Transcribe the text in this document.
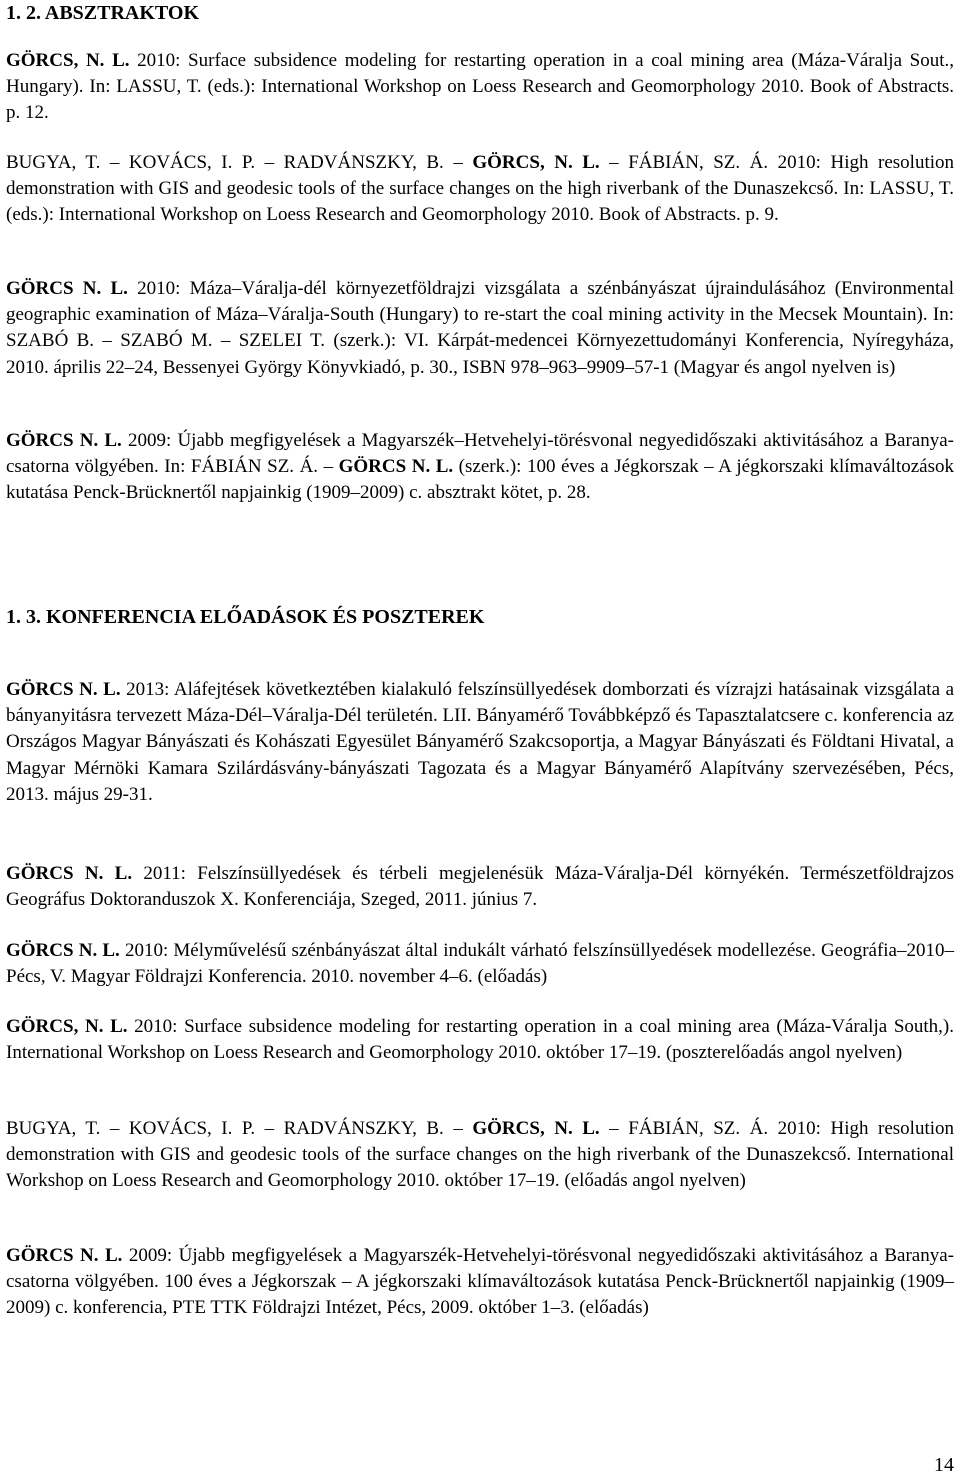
1. 2. ABSZTRAKTOK

GÖRCS, N. L. 2010: Surface subsidence modeling for restarting operation in a coal mining area (Máza-Váralja Sout., Hungary). In: LASSU, T. (eds.): International Workshop on Loess Research and Geomorphology 2010. Book of Abstracts. p. 12.

BUGYA, T. – KOVÁCS, I. P. – RADVÁNSZKY, B. – GÖRCS, N. L. – FÁBIÁN, SZ. Á. 2010: High resolution demonstration with GIS and geodesic tools of the surface changes on the high riverbank of the Dunaszekcső. In: LASSU, T. (eds.): International Workshop on Loess Research and Geomorphology 2010. Book of Abstracts. p. 9.

GÖRCS N. L. 2010: Máza–Váralja-dél környezetföldrajzi vizsgálata a szénbányászat újraindulásához (Environmental geographic examination of Máza–Váralja-South (Hungary) to re-start the coal mining activity in the Mecsek Mountain). In: SZABÓ B. – SZABÓ M. – SZELEI T. (szerk.): VI. Kárpát-medencei Környezettudományi Konferencia, Nyíregyháza, 2010. április 22–24, Bessenyei György Könyvkiadó, p. 30., ISBN 978–963–9909–57-1 (Magyar és angol nyelven is)

GÖRCS N. L. 2009: Újabb megfigyelések a Magyarszék–Hetvehelyi-törésvonal negyedidőszaki aktivitásához a Baranya-csatorna völgyében. In: FÁBIÁN SZ. Á. – GÖRCS N. L. (szerk.): 100 éves a Jégkorszak – A jégkorszaki klímaváltozások kutatása Penck-Brücknertől napjainkig (1909–2009) c. absztrakt kötet, p. 28.

1. 3. KONFERENCIA ELŐADÁSOK ÉS POSZTEREK

GÖRCS N. L. 2013: Aláfejtések következtében kialakuló felszínsüllyedések domborzati és vízrajzi hatásainak vizsgálata a bányanyitásra tervezett Máza-Dél–Váralja-Dél területén. LII. Bányamérő Továbbképző és Tapasztalatcsere c. konferencia az Országos Magyar Bányászati és Kohászati Egyesület Bányamérő Szakcsoportja, a Magyar Bányászati és Földtani Hivatal, a Magyar Mérnöki Kamara Szilárdásvány-bányászati Tagozata és a Magyar Bányamérő Alapítvány szervezésében, Pécs, 2013. május 29-31.

GÖRCS N. L. 2011: Felszínsüllyedések és térbeli megjelenésük Máza-Váralja-Dél környékén. Természetföldrajzos Geográfus Doktoranduszok X. Konferenciája, Szeged, 2011. június 7.

GÖRCS N. L. 2010: Mélyművelésű szénbányászat által indukált várható felszínsüllyedések modellezése. Geográfia–2010–Pécs, V. Magyar Földrajzi Konferencia. 2010. november 4–6. (előadás)

GÖRCS, N. L. 2010: Surface subsidence modeling for restarting operation in a coal mining area (Máza-Váralja South,). International Workshop on Loess Research and Geomorphology 2010. október 17–19. (poszterelőadás angol nyelven)

BUGYA, T. – KOVÁCS, I. P. – RADVÁNSZKY, B. – GÖRCS, N. L. – FÁBIÁN, SZ. Á. 2010: High resolution demonstration with GIS and geodesic tools of the surface changes on the high riverbank of the Dunaszekcső. International Workshop on Loess Research and Geomorphology 2010. október 17–19. (előadás angol nyelven)

GÖRCS N. L. 2009: Újabb megfigyelések a Magyarszék-Hetvehelyi-törésvonal negyedidőszaki aktivitásához a Baranya-csatorna völgyében. 100 éves a Jégkorszak – A jégkorszaki klímaváltozások kutatása Penck-Brücknertől napjainkig (1909–2009) c. konferencia, PTE TTK Földrajzi Intézet, Pécs, 2009. október 1–3. (előadás)

14
